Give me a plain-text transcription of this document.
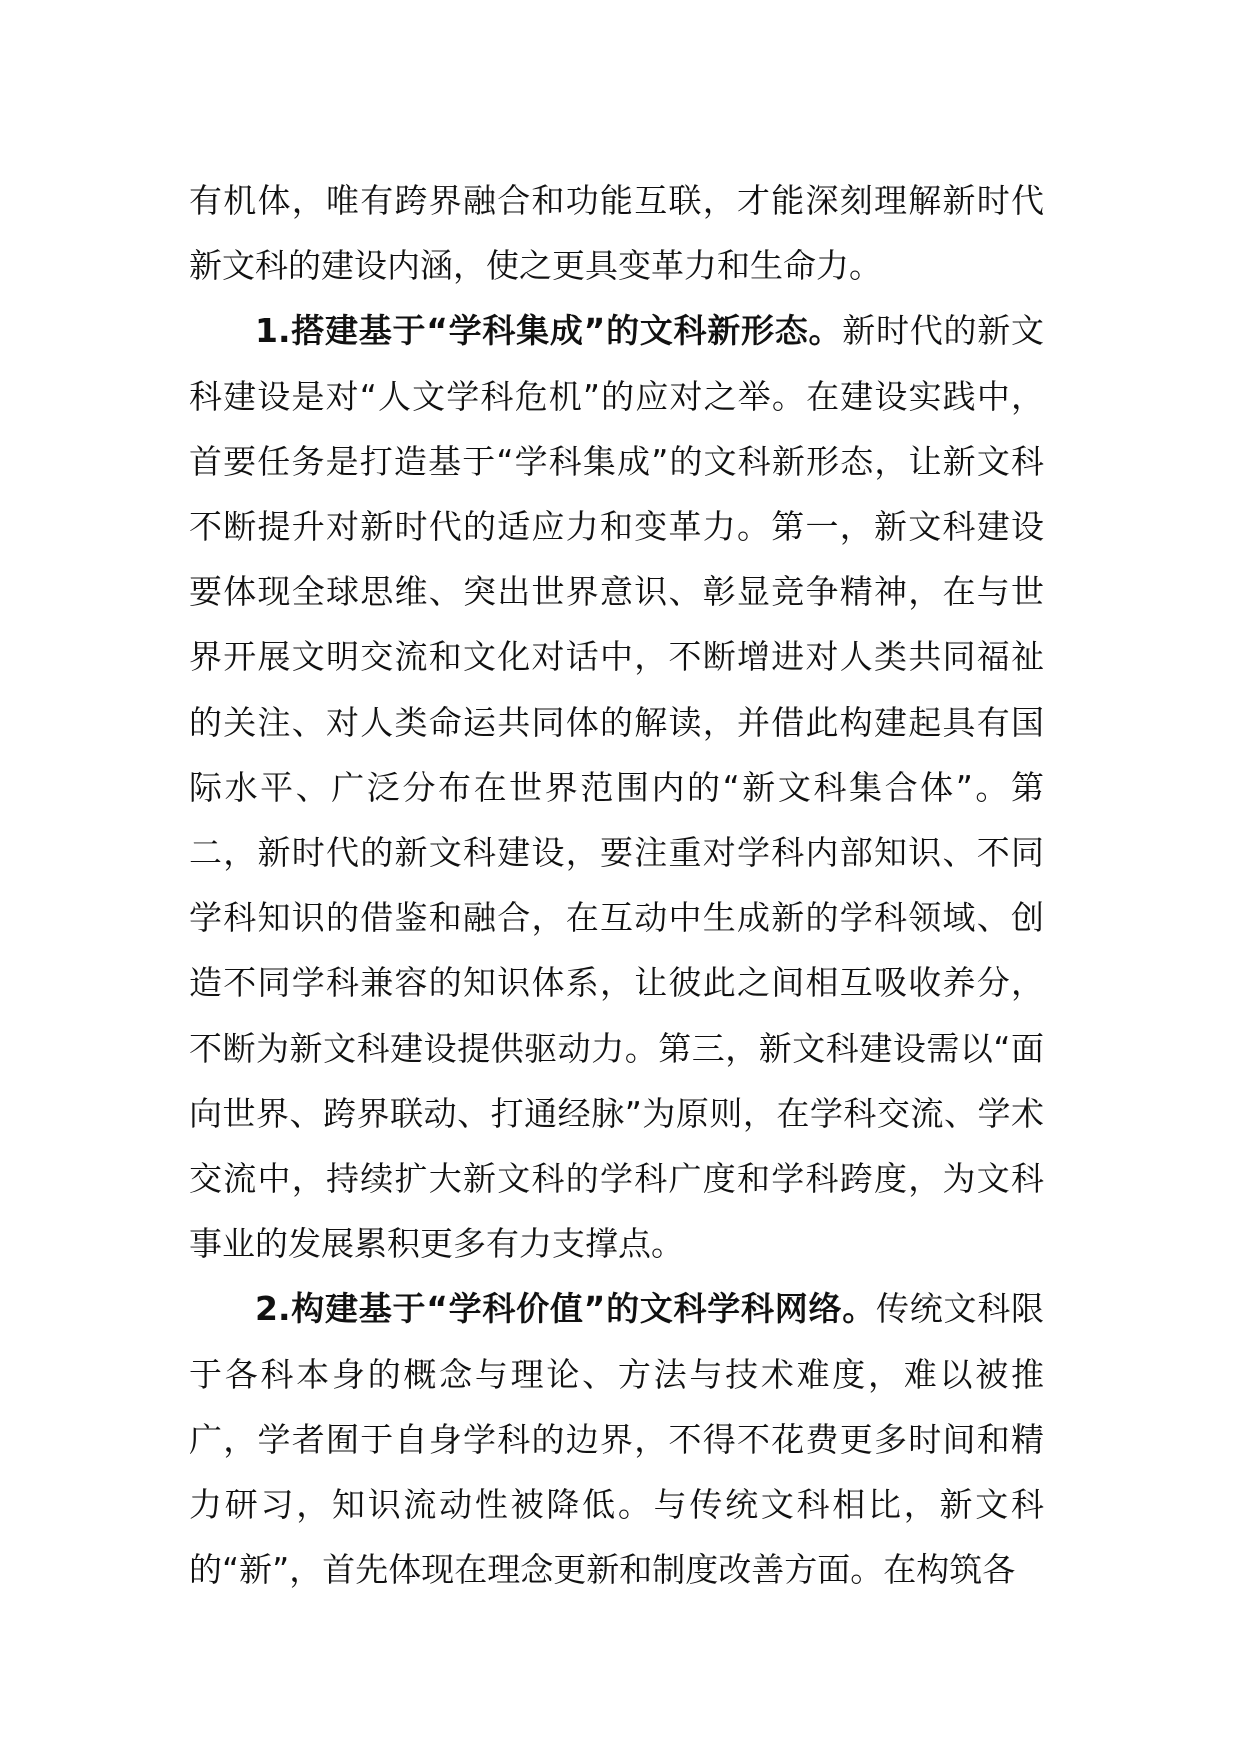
有机体，唯有跨界融合和功能互联，才能深刻理解新时代新文科的建设内涵，使之更具变革力和生命力。

1.搭建基于“学科集成”的文科新形态。新时代的新文科建设是对“人文学科危机”的应对之举。在建设实践中，首要任务是打造基于“学科集成”的文科新形态，让新文科不断提升对新时代的适应力和变革力。第一，新文科建设要体现全球思维、突出世界意识、彰显竞争精神，在与世界开展文明交流和文化对话中，不断增进对人类共同福祉的关注、对人类命运共同体的解读，并借此构建起具有国际水平、广泛分布在世界范围内的“新文科集合体”。第二，新时代的新文科建设，要注重对学科内部知识、不同学科知识的借鉴和融合，在互动中生成新的学科领域、创造不同学科兼容的知识体系，让彼此之间相互吸收养分，不断为新文科建设提供驱动力。第三，新文科建设需以“面向世界、跨界联动、打通经脉”为原则，在学科交流、学术交流中，持续扩大新文科的学科广度和学科跨度，为文科事业的发展累积更多有力支撑点。

2.构建基于“学科价值”的文科学科网络。传统文科限于各科本身的概念与理论、方法与技术难度，难以被推广，学者囿于自身学科的边界，不得不花费更多时间和精力研习，知识流动性被降低。与传统文科相比，新文科的“新”，首先体现在理念更新和制度改善方面。在构筑各
